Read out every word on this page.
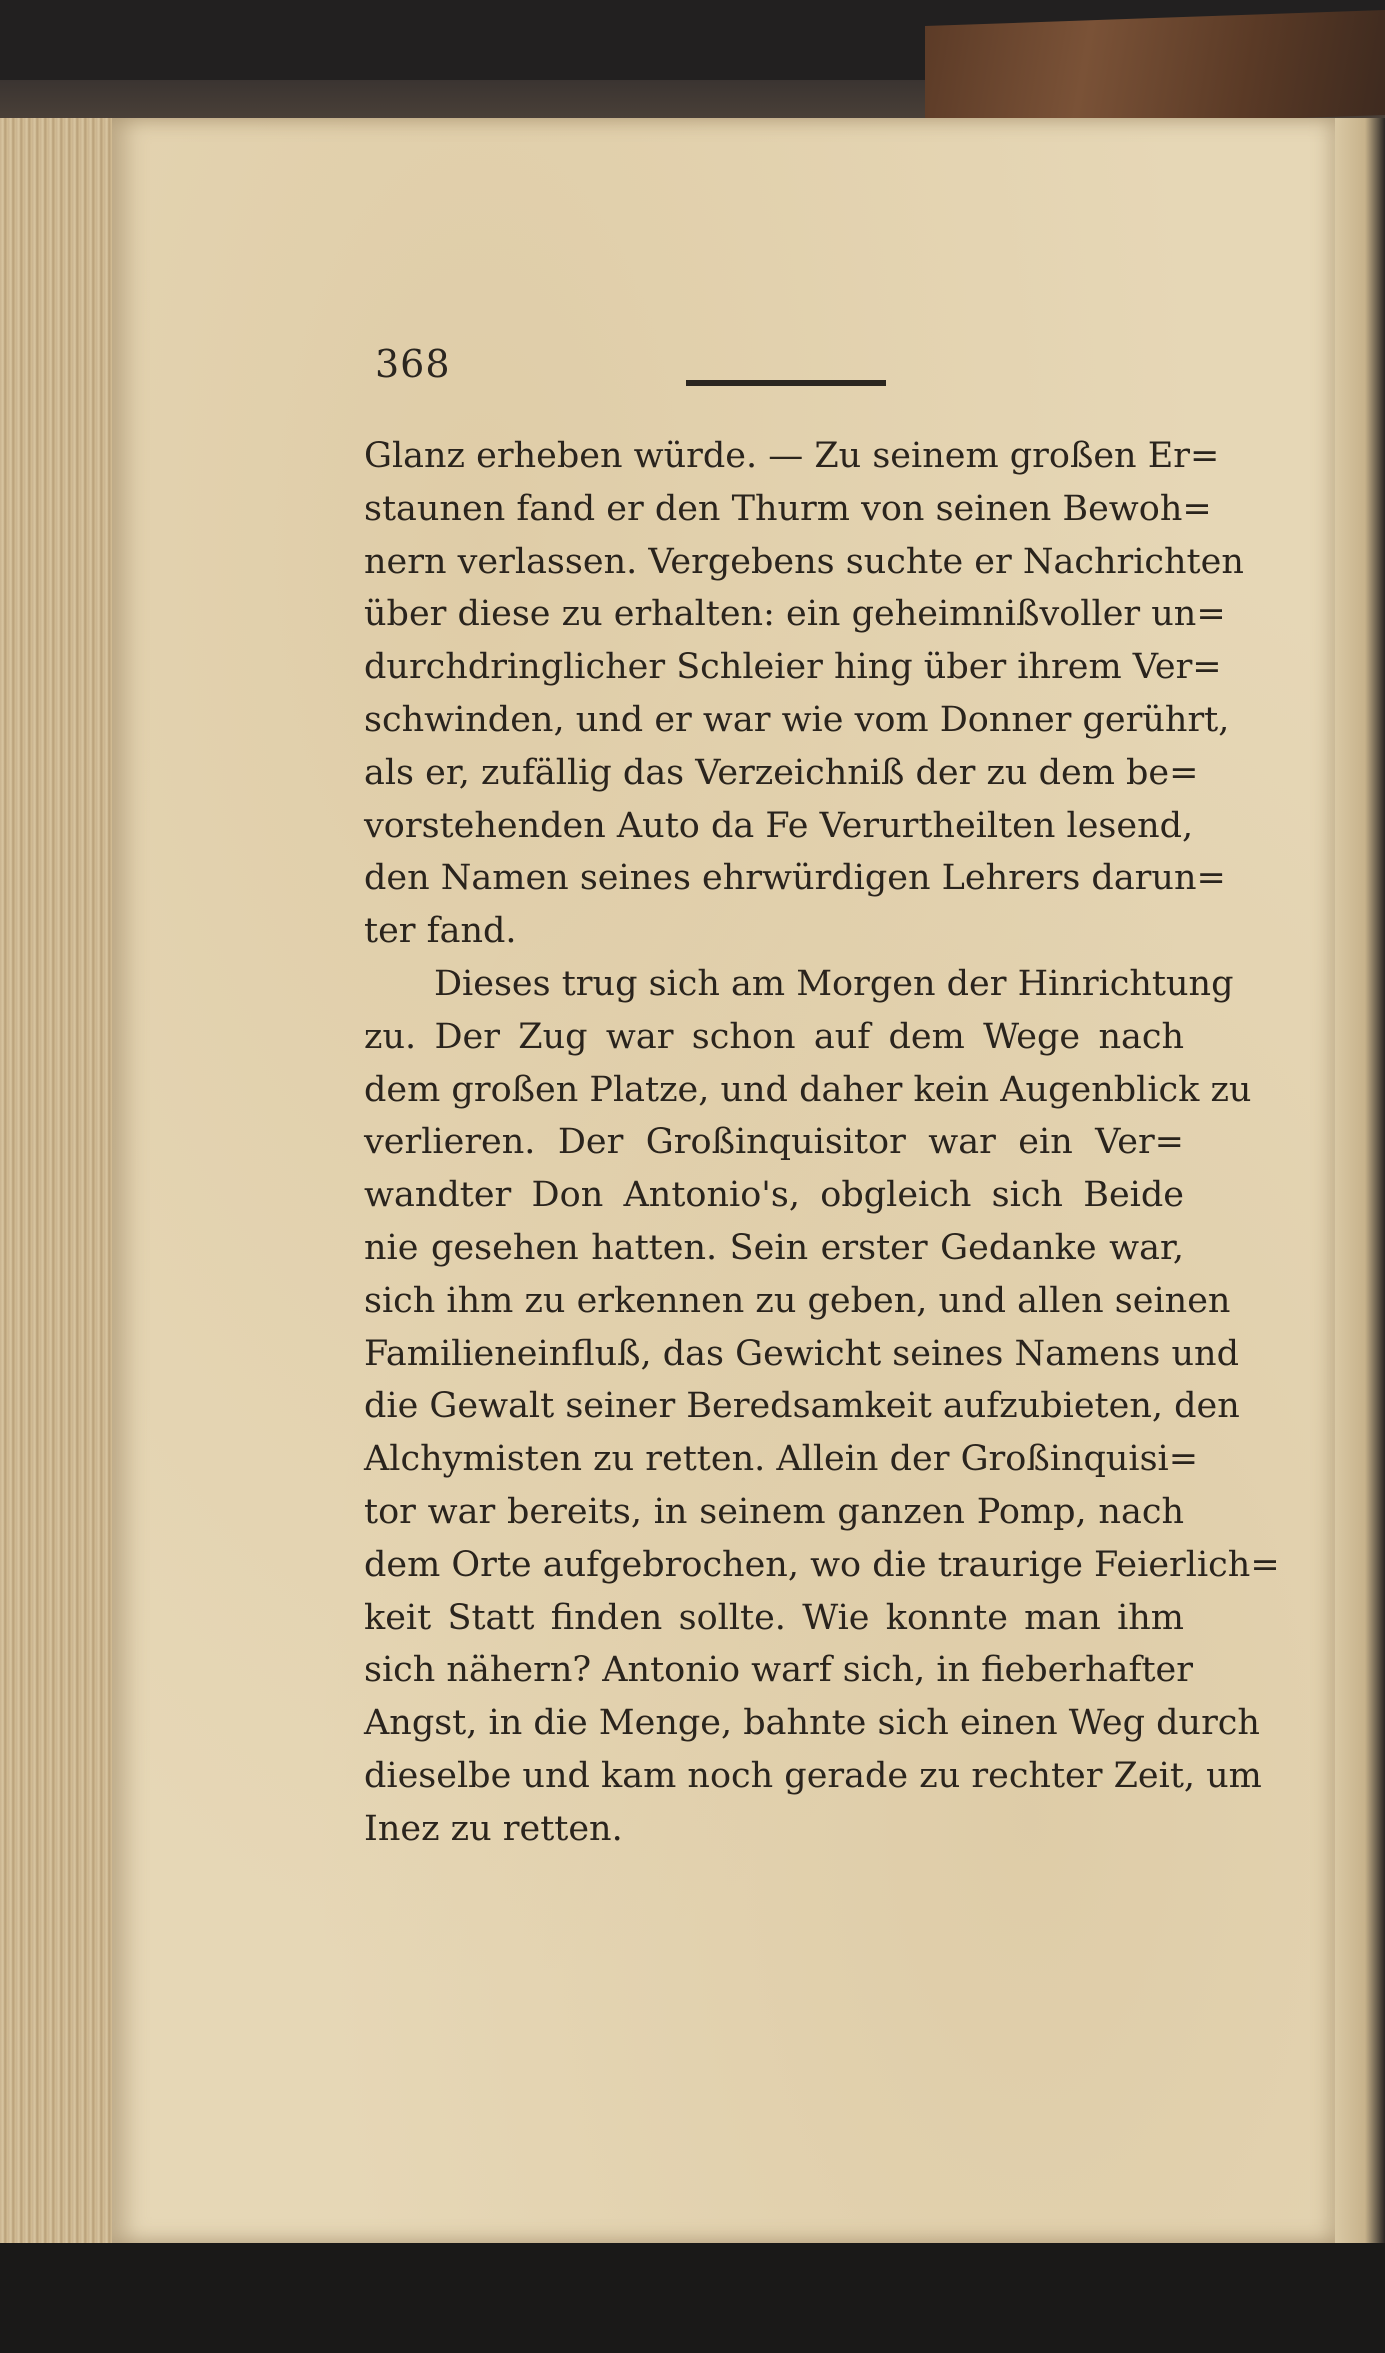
368
Glanz erheben würde. — Zu seinem großen Er=
staunen fand er den Thurm von seinen Bewoh=
nern verlassen. Vergebens suchte er Nachrichten
über diese zu erhalten: ein geheimnißvoller un=
durchdringlicher Schleier hing über ihrem Ver=
schwinden, und er war wie vom Donner gerührt,
als er, zufällig das Verzeichniß der zu dem be=
vorstehenden Auto da Fe Verurtheilten lesend,
den Namen seines ehrwürdigen Lehrers darun=
ter fand.
Dieses trug sich am Morgen der Hinrichtung
zu. Der Zug war schon auf dem Wege nach
dem großen Platze, und daher kein Augenblick zu
verlieren. Der Großinquisitor war ein Ver=
wandter Don Antonio's, obgleich sich Beide
nie gesehen hatten. Sein erster Gedanke war,
sich ihm zu erkennen zu geben, und allen seinen
Familieneinfluß, das Gewicht seines Namens und
die Gewalt seiner Beredsamkeit aufzubieten, den
Alchymisten zu retten. Allein der Großinquisi=
tor war bereits, in seinem ganzen Pomp, nach
dem Orte aufgebrochen, wo die traurige Feierlich=
keit Statt finden sollte. Wie konnte man ihm
sich nähern? Antonio warf sich, in fieberhafter
Angst, in die Menge, bahnte sich einen Weg durch
dieselbe und kam noch gerade zu rechter Zeit, um
Inez zu retten.
